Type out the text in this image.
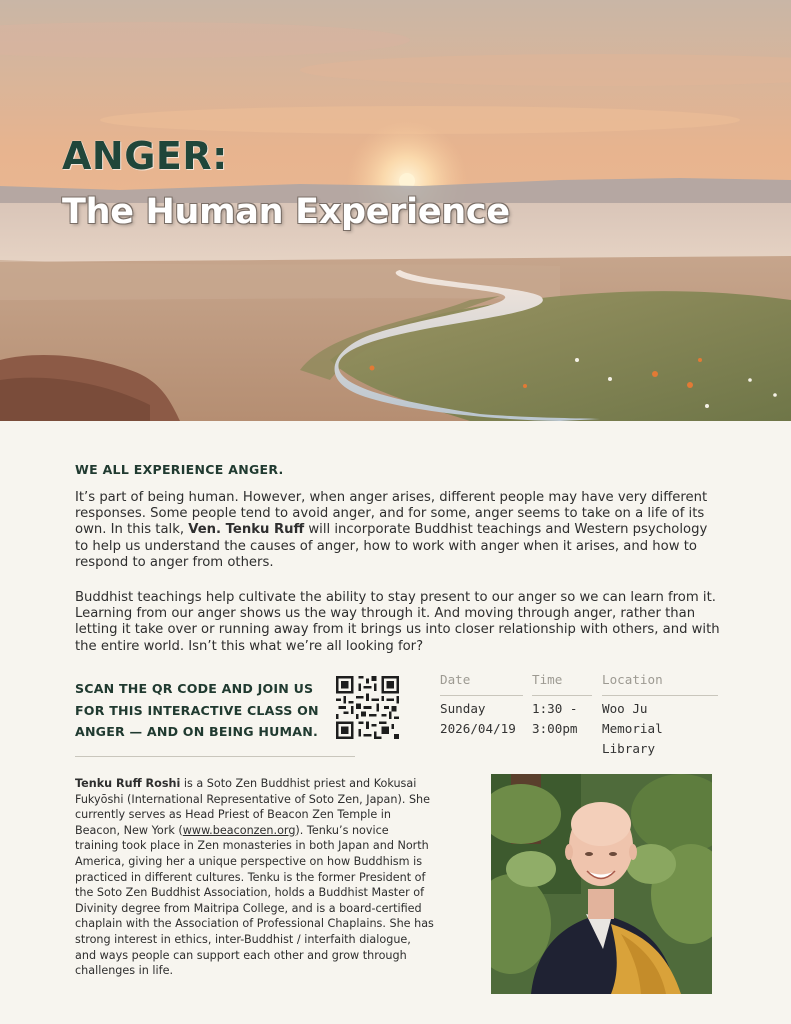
ANGER:
The Human Experience
WE ALL EXPERIENCE ANGER.

It’s part of being human. However, when anger arises, different people may have very different responses. Some people tend to avoid anger, and for some, anger seems to take on a life of its own. In this talk, Ven. Tenku Ruff will incorporate Buddhist teachings and Western psychology to help us understand the causes of anger, how to work with anger when it arises, and how to respond to anger from others.

Buddhist teachings help cultivate the ability to stay present to our anger so we can learn from it. Learning from our anger shows us the way through it. And moving through anger, rather than letting it take over or running away from it brings us into closer relationship with others, and with the entire world. Isn’t this what we’re all looking for?

SCAN THE QR CODE AND JOIN US
FOR THIS INTERACTIVE CLASS ON
ANGER — AND ON BEING HUMAN.
Date
Sunday
2026/04/19
Time
1:30 -
3:00pm
Location
Woo Ju
Memorial Library

Tenku Ruff Roshi is a Soto Zen Buddhist priest and Kokusai Fukyōshi (International Representative of Soto Zen, Japan). She currently serves as Head Priest of Beacon Zen Temple in Beacon, New York (www.beaconzen.org). Tenku’s novice training took place in Zen monasteries in both Japan and North America, giving her a unique perspective on how Buddhism is practiced in different cultures. Tenku is the former President of the Soto Zen Buddhist Association, holds a Buddhist Master of Divinity degree from Maitripa College, and is a board-certified chaplain with the Association of Professional Chaplains. She has strong interest in ethics, inter-Buddhist / interfaith dialogue, and ways people can support each other and grow through challenges in life.
